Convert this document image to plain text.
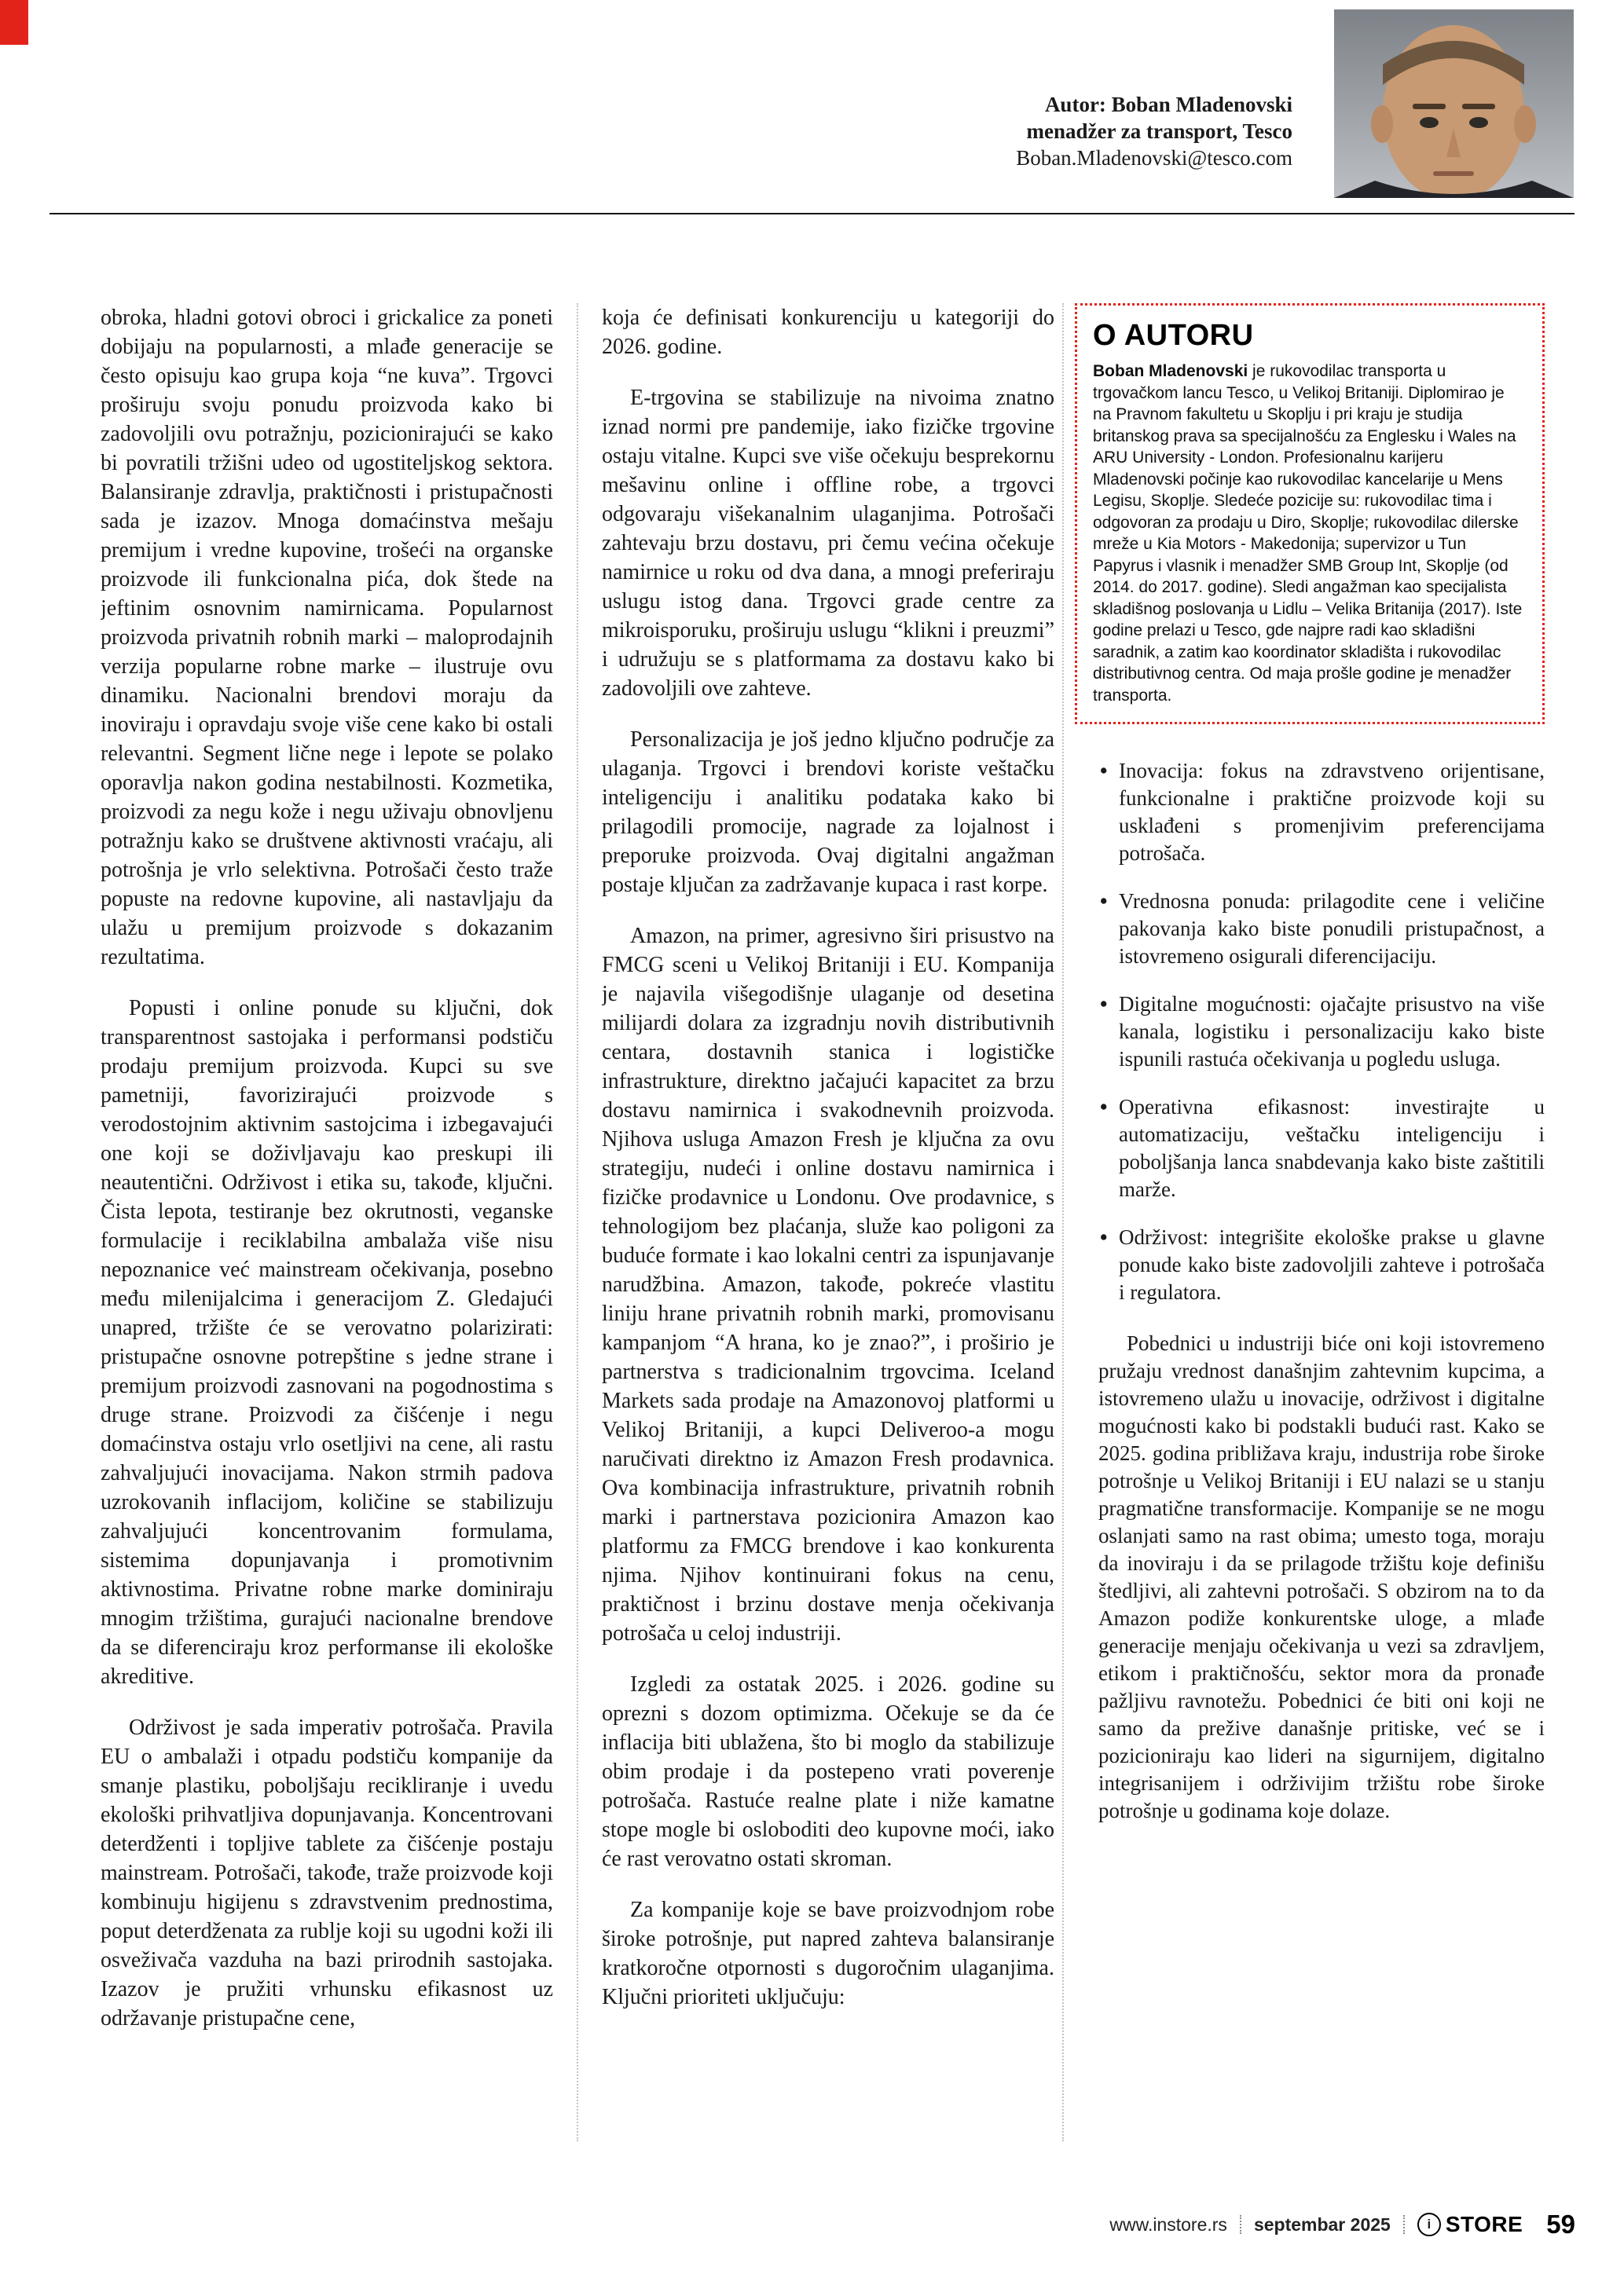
Autor: Boban Mladenovski
menadžer za transport, Tesco
Boban.Mladenovski@tesco.com

obroka, hladni gotovi obroci i grickalice za poneti dobijaju na popularnosti, a mlađe generacije se često opisuju kao grupa koja “ne kuva”. Trgovci proširuju svoju ponudu proizvoda kako bi zadovoljili ovu potražnju, pozicionirajući se kako bi povratili tržišni udeo od ugostiteljskog sektora. Balansiranje zdravlja, praktičnosti i pristupačnosti sada je izazov. Mnoga domaćinstva mešaju premijum i vredne kupovine, trošeći na organske proizvode ili funkcionalna pića, dok štede na jeftinim osnovnim namirnicama. Popularnost proizvoda privatnih robnih marki – maloprodajnih verzija popularne robne marke – ilustruje ovu dinamiku. Nacionalni brendovi moraju da inoviraju i opravdaju svoje više cene kako bi ostali relevantni. Segment lične nege i lepote se polako oporavlja nakon godina nestabilnosti. Kozmetika, proizvodi za negu kože i negu uživaju obnovljenu potražnju kako se društvene aktivnosti vraćaju, ali potrošnja je vrlo selektivna. Potrošači često traže popuste na redovne kupovine, ali nastavljaju da ulažu u premijum proizvode s dokazanim rezultatima.

Popusti i online ponude su ključni, dok transparentnost sastojaka i performansi podstiču prodaju premijum proizvoda. Kupci su sve pametniji, favorizirajući proizvode s verodostojnim aktivnim sastojcima i izbegavajući one koji se doživljavaju kao preskupi ili neautentični. Održivost i etika su, takođe, ključni. Čista lepota, testiranje bez okrutnosti, veganske formulacije i reciklabilna ambalaža više nisu nepoznanice već mainstream očekivanja, posebno među milenijalcima i generacijom Z. Gledajući unapred, tržište će se verovatno polarizirati: pristupačne osnovne potrepštine s jedne strane i premijum proizvodi zasnovani na pogodnostima s druge strane. Proizvodi za čišćenje i negu domaćinstva ostaju vrlo osetljivi na cene, ali rastu zahvaljujući inovacijama. Nakon strmih padova uzrokovanih inflacijom, količine se stabilizuju zahvaljujući koncentrovanim formulama, sistemima dopunjavanja i promotivnim aktivnostima. Privatne robne marke dominiraju mnogim tržištima, gurajući nacionalne brendove da se diferenciraju kroz performanse ili ekološke akreditive.

Održivost je sada imperativ potrošača. Pravila EU o ambalaži i otpadu podstiču kompanije da smanje plastiku, poboljšaju recikliranje i uvedu ekološki prihvatljiva dopunjavanja. Koncentrovani deterdženti i topljive tablete za čišćenje postaju mainstream. Potrošači, takođe, traže proizvode koji kombinuju higijenu s zdravstvenim prednostima, poput deterdženata za rublje koji su ugodni koži ili osveživača vazduha na bazi prirodnih sastojaka. Izazov je pružiti vrhunsku efikasnost uz održavanje pristupačne cene,

koja će definisati konkurenciju u kategoriji do 2026. godine.

E-trgovina se stabilizuje na nivoima znatno iznad normi pre pandemije, iako fizičke trgovine ostaju vitalne. Kupci sve više očekuju besprekornu mešavinu online i offline robe, a trgovci odgovaraju višekanalnim ulaganjima. Potrošači zahtevaju brzu dostavu, pri čemu većina očekuje namirnice u roku od dva dana, a mnogi preferiraju uslugu istog dana. Trgovci grade centre za mikroisporuku, proširuju uslugu “klikni i preuzmi” i udružuju se s platformama za dostavu kako bi zadovoljili ove zahteve.

Personalizacija je još jedno ključno područje za ulaganja. Trgovci i brendovi koriste veštačku inteligenciju i analitiku podataka kako bi prilagodili promocije, nagrade za lojalnost i preporuke proizvoda. Ovaj digitalni angažman postaje ključan za zadržavanje kupaca i rast korpe.

Amazon, na primer, agresivno širi prisustvo na FMCG sceni u Velikoj Britaniji i EU. Kompanija je najavila višegodišnje ulaganje od desetina milijardi dolara za izgradnju novih distributivnih centara, dostavnih stanica i logističke infrastrukture, direktno jačajući kapacitet za brzu dostavu namirnica i svakodnevnih proizvoda. Njihova usluga Amazon Fresh je ključna za ovu strategiju, nudeći i online dostavu namirnica i fizičke prodavnice u Londonu. Ove prodavnice, s tehnologijom bez plaćanja, služe kao poligoni za buduće formate i kao lokalni centri za ispunjavanje narudžbina. Amazon, takođe, pokreće vlastitu liniju hrane privatnih robnih marki, promovisanu kampanjom “A hrana, ko je znao?”, i proširio je partnerstva s tradicionalnim trgovcima. Iceland Markets sada prodaje na Amazonovoj platformi u Velikoj Britaniji, a kupci Deliveroo-a mogu naručivati direktno iz Amazon Fresh prodavnica. Ova kombinacija infrastrukture, privatnih robnih marki i partnerstava pozicionira Amazon kao platformu za FMCG brendove i kao konkurenta njima. Njihov kontinuirani fokus na cenu, praktičnost i brzinu dostave menja očekivanja potrošača u celoj industriji.

Izgledi za ostatak 2025. i 2026. godine su oprezni s dozom optimizma. Očekuje se da će inflacija biti ublažena, što bi moglo da stabilizuje obim prodaje i da postepeno vrati poverenje potrošača. Rastuće realne plate i niže kamatne stope mogle bi osloboditi deo kupovne moći, iako će rast verovatno ostati skroman.

Za kompanije koje se bave proizvodnjom robe široke potrošnje, put napred zahteva balansiranje kratkoročne otpornosti s dugoročnim ulaganjima. Ključni prioriteti uključuju:

O AUTORU

Boban Mladenovski je rukovodilac transporta u trgovačkom lancu Tesco, u Velikoj Britaniji. Diplomirao je na Pravnom fakultetu u Skoplju i pri kraju je studija britanskog prava sa specijalnošću za Englesku i Wales na ARU University - London. Profesionalnu karijeru Mladenovski počinje kao rukovodilac kancelarije u Mens Legisu, Skoplje. Sledeće pozicije su: rukovodilac tima i odgovoran za prodaju u Diro, Skoplje; rukovodilac dilerske mreže u Kia Motors - Makedonija; supervizor u Tun Papyrus i vlasnik i menadžer SMB Group Int, Skoplje (od 2014. do 2017. godine). Sledi angažman kao specijalista skladišnog poslovanja u Lidlu – Velika Britanija (2017). Iste godine prelazi u Tesco, gde najpre radi kao skladišni saradnik, a zatim kao koordinator skladišta i rukovodilac distributivnog centra. Od maja prošle godine je menadžer transporta.

• Inovacija: fokus na zdravstveno orijentisane, funkcionalne i praktične proizvode koji su usklađeni s promenjivim preferencijama potrošača.
• Vrednosna ponuda: prilagodite cene i veličine pakovanja kako biste ponudili pristupačnost, a istovremeno osigurali diferencijaciju.
• Digitalne mogućnosti: ojačajte prisustvo na više kanala, logistiku i personalizaciju kako biste ispunili rastuća očekivanja u pogledu usluga.
• Operativna efikasnost: investirajte u automatizaciju, veštačku inteligenciju i poboljšanja lanca snabdevanja kako biste zaštitili marže.
• Održivost: integrišite ekološke prakse u glavne ponude kako biste zadovoljili zahteve i potrošača i regulatora.

Pobednici u industriji biće oni koji istovremeno pružaju vrednost današnjim zahtevnim kupcima, a istovremeno ulažu u inovacije, održivost i digitalne mogućnosti kako bi podstakli budući rast. Kako se 2025. godina približava kraju, industrija robe široke potrošnje u Velikoj Britaniji i EU nalazi se u stanju pragmatične transformacije. Kompanije se ne mogu oslanjati samo na rast obima; umesto toga, moraju da inoviraju i da se prilagode tržištu koje definišu štedljivi, ali zahtevni potrošači. S obzirom na to da Amazon podiže konkurentske uloge, a mlađe generacije menjaju očekivanja u vezi sa zdravljem, etikom i praktičnošću, sektor mora da pronađe pažljivu ravnotežu. Pobednici će biti oni koji ne samo da prežive današnje pritiske, već se i pozicioniraju kao lideri na sigurnijem, digitalno integrisanijem i održivijim tržištu robe široke potrošnje u godinama koje dolaze.

www.instore.rs septembar 2025	i STORE 59
